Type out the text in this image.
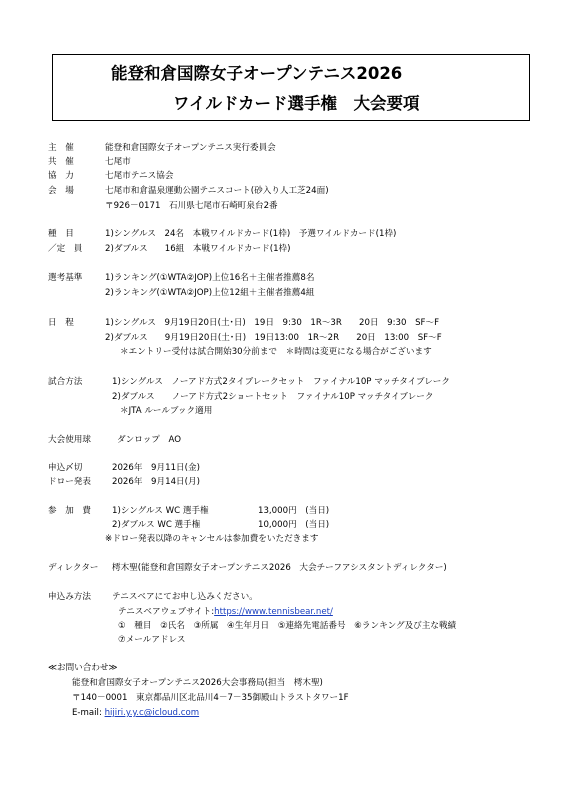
能登和倉国際女子オープンテニス2026
ワイルドカード選手権　大会要項
主　催	能登和倉国際女子オープンテニス実行委員会
共　催	七尾市
協　力	七尾市テニス協会
会　場	七尾市和倉温泉運動公園テニスコート(砂入り人工芝24面)
〒926－0171　石川県七尾市石崎町泉台2番
種　目	1)シングルス　24名　本戦ワイルドカード(1枠)　予選ワイルドカード(1枠)
／定　員	2)ダブルス　　16組　本戦ワイルドカード(1枠)
選考基準	1)ランキング(①WTA②JOP)上位16名＋主催者推薦8名
2)ランキング(①WTA②JOP)上位12組＋主催者推薦4組
日　程	1)シングルス　9月19日20日(土･日)　19日　9:30　1R～3R　　20日　9:30　SF～F
2)ダブルス　　9月19日20日(土･日)　19日13:00　1R～2R　　20日　13:00　SF～F
＊エントリー受付は試合開始30分前まで　＊時間は変更になる場合がございます
試合方法	1)シングルス　ノーアド方式2タイブレークセット　ファイナル10P マッチタイブレーク
2)ダブルス　　ノーアド方式2ショートセット　ファイナル10P マッチタイブレーク
＊JTA ルールブック適用
大会使用球	ダンロップ　AO
申込〆切	2026年　9月11日(金)
ドロー発表 2026年　9月14日(月)
参　加　費 1)シングルス WC 選手権	13,000円　(当日)
2)ダブルス WC 選手権	10,000円　(当日)
※ドロー発表以降のキャンセルは参加費をいただきます
ディレクター 樗木聖(能登和倉国際女子オープンテニス2026　大会チーフアシスタントディレクター)
申込み方法 テニスベアにてお申し込みください。
テニスベアウェブサイト:https://www.tennisbear.net/
①　種目　②氏名　③所属　④生年月日　⑤連絡先電話番号　⑥ランキング及び主な戦績
⑦メールアドレス
≪お問い合わせ≫
能登和倉国際女子オープンテニス2026大会事務局(担当　樗木聖)
〒140－0001　東京都品川区北品川4－7－35御殿山トラストタワー1F
E-mail: hijiri.y.y.c@icloud.com
